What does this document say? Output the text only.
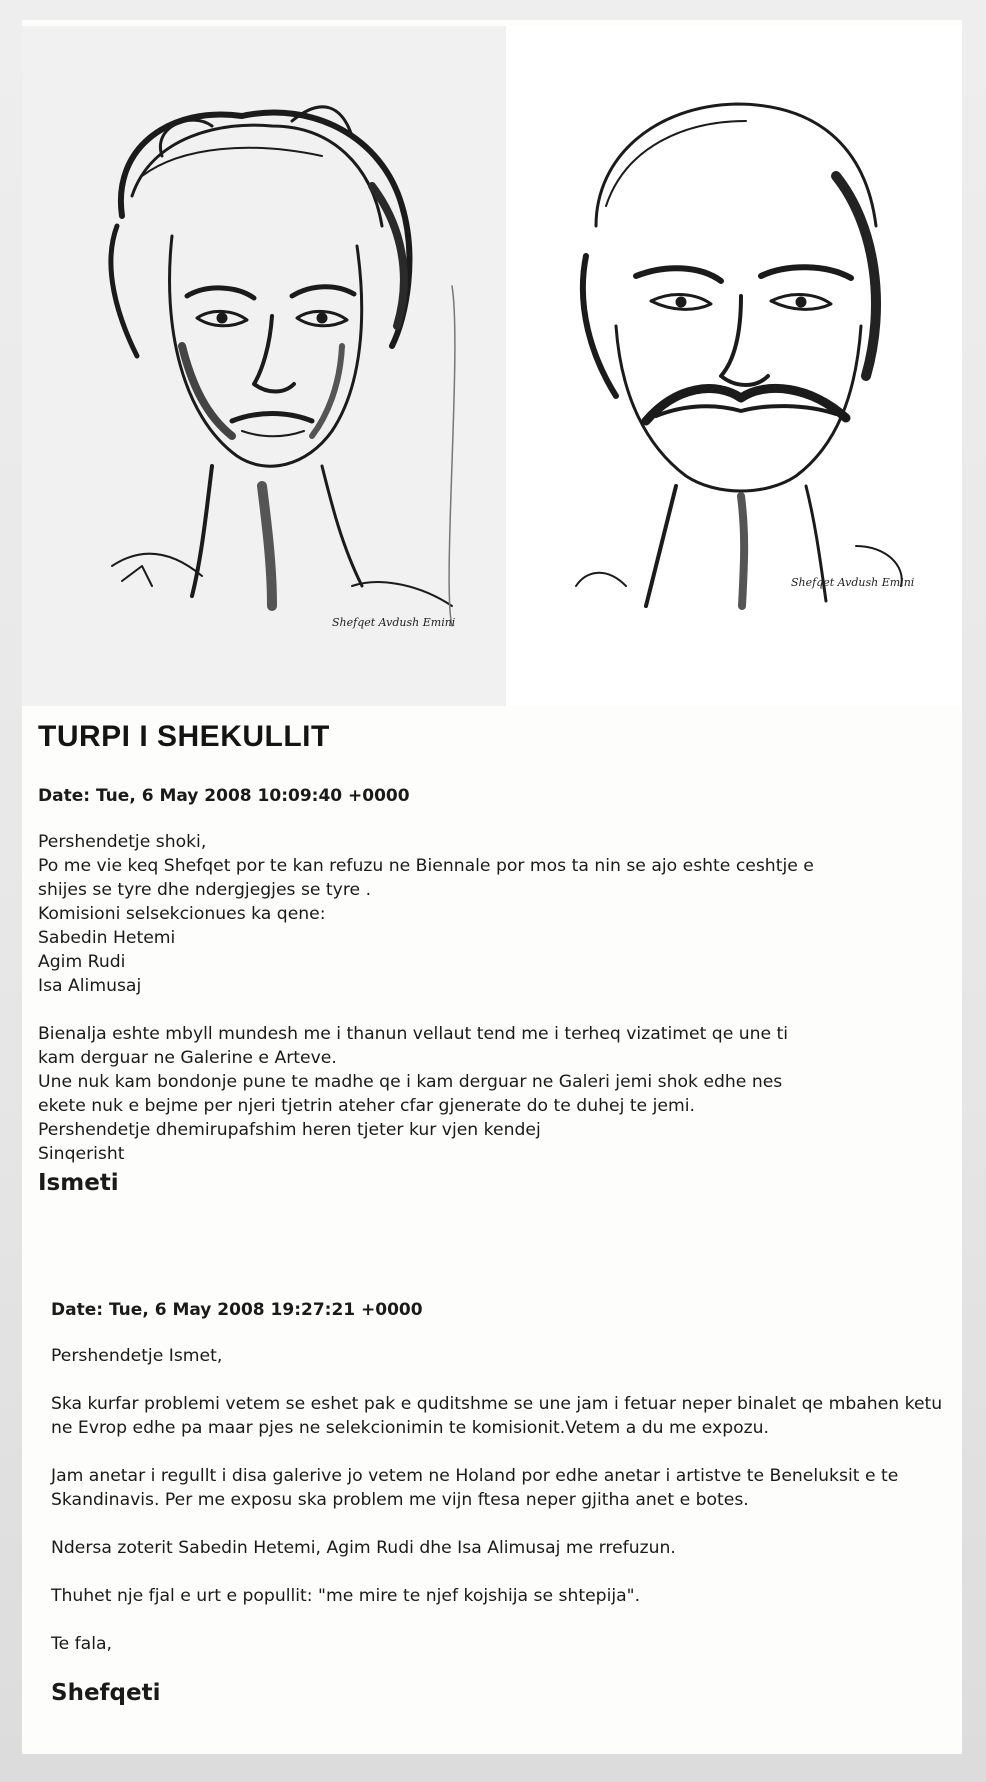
Shefqet Avdush Emini
Shefqet Avdush Emini
TURPI I SHEKULLIT
Date: Tue, 6 May 2008 10:09:40 +0000
Pershendetje shoki,
Po me vie keq Shefqet por te kan refuzu ne Biennale por mos ta nin se ajo eshte ceshtje e
shijes se tyre dhe ndergjegjes se tyre .
Komisioni selsekcionues ka qene:
Sabedin Hetemi
Agim Rudi
Isa Alimusaj
Bienalja eshte mbyll mundesh me i thanun vellaut tend me i terheq vizatimet qe une ti
kam derguar ne Galerine e Arteve.
Une nuk kam bondonje pune te madhe qe i kam derguar ne Galeri jemi shok edhe nes
ekete nuk e bejme per njeri tjetrin ateher cfar gjenerate do te duhej te jemi.
Pershendetje dhemirupafshim heren tjeter kur vjen kendej
Sinqerisht
Ismeti
Date: Tue, 6 May 2008 19:27:21 +0000

Pershendetje Ismet,

Ska kurfar problemi vetem se eshet pak e quditshme se une jam i fetuar neper binalet qe mbahen ketu ne Evrop edhe pa maar pjes ne selekcionimin te komisionit.Vetem a du me expozu.

Jam anetar i regullt i disa galerive jo vetem ne Holand por edhe anetar i artistve te Beneluksit e te Skandinavis. Per me exposu ska problem me vijn ftesa neper gjitha anet e botes.

Ndersa zoterit Sabedin Hetemi, Agim Rudi dhe Isa Alimusaj me rrefuzun.

Thuhet nje fjal e urt e popullit: "me mire te njef kojshija se shtepija".

Te fala,

Shefqeti
